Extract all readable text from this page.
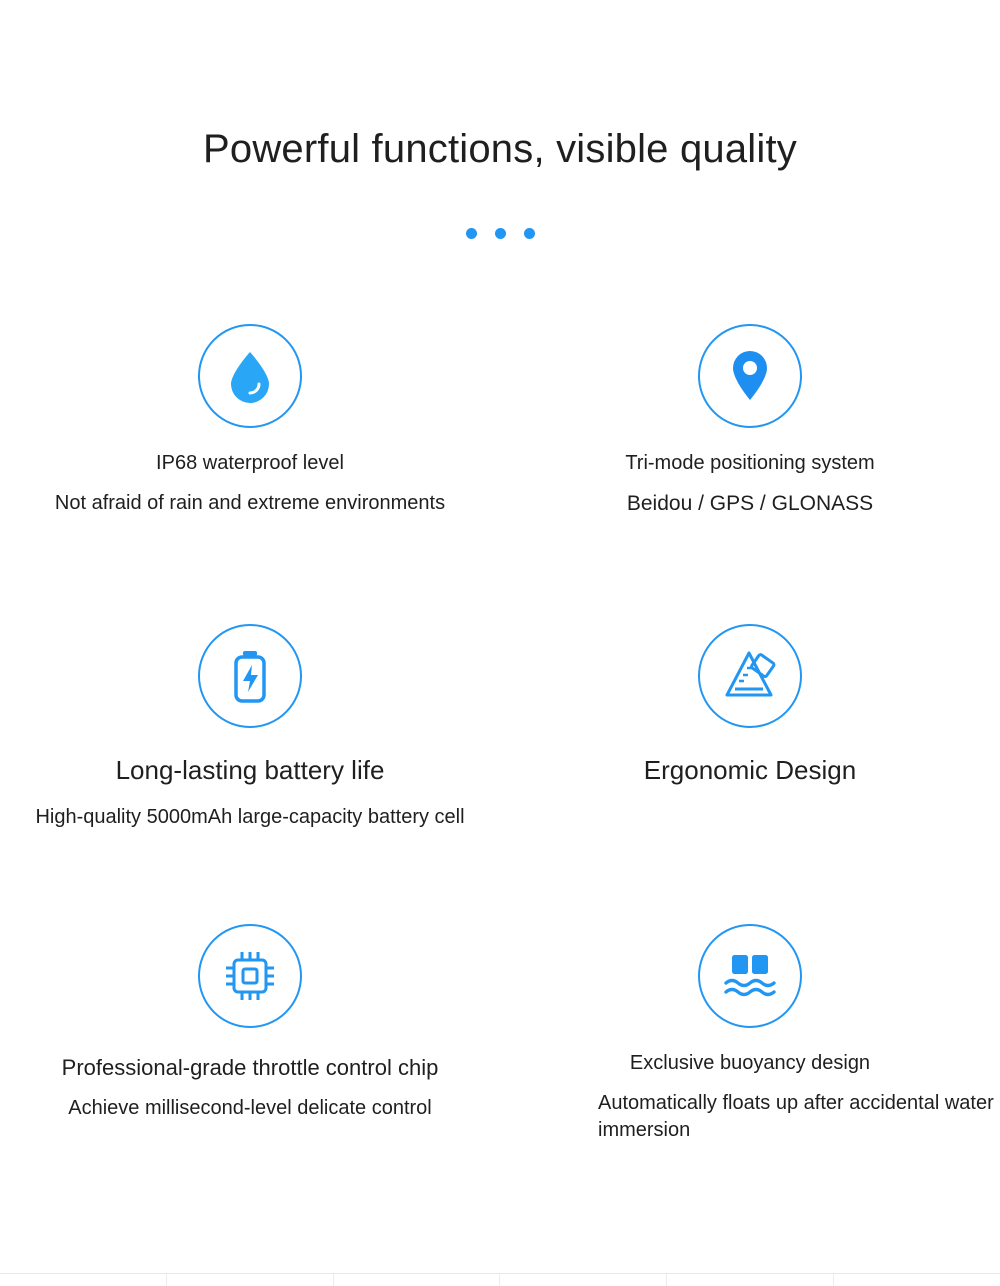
Powerful functions, visible quality
IP68 waterproof level
Not afraid of rain and extreme environments
Tri-mode positioning system
Beidou / GPS / GLONASS
Long-lasting battery life
High-quality 5000mAh large-capacity battery cell
Ergonomic Design
Professional-grade throttle control chip
Achieve millisecond-level delicate control
Exclusive buoyancy design
Automatically floats up after accidental water immersion
